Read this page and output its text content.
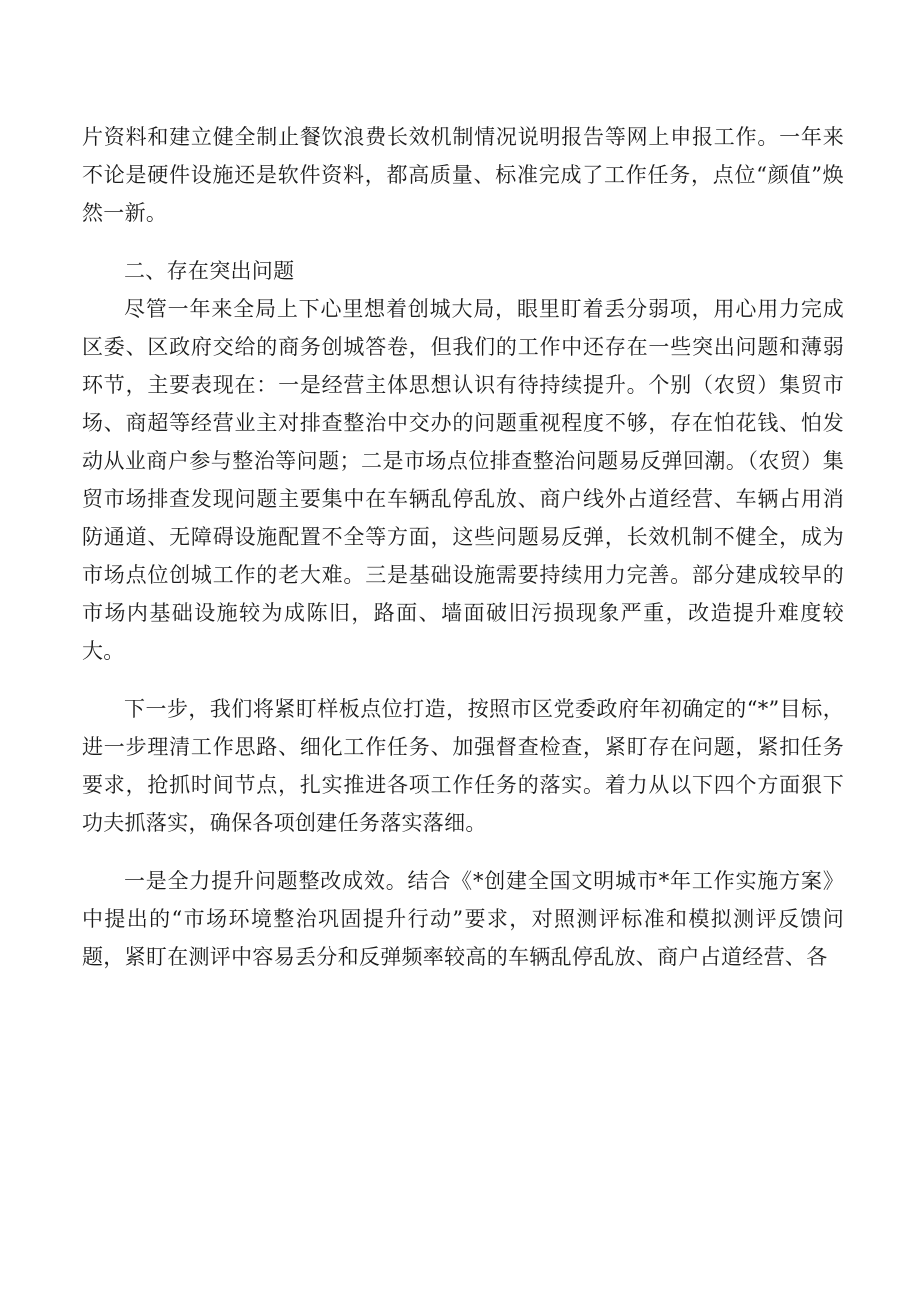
片资料和建立健全制止餐饮浪费长效机制情况说明报告等网上申报工作。一年来不论是硬件设施还是软件资料，都高质量、标准完成了工作任务，点位“颜值”焕然一新。

二、存在突出问题

尽管一年来全局上下心里想着创城大局，眼里盯着丢分弱项，用心用力完成区委、区政府交给的商务创城答卷，但我们的工作中还存在一些突出问题和薄弱环节，主要表现在：一是经营主体思想认识有待持续提升。个别（农贸）集贸市场、商超等经营业主对排查整治中交办的问题重视程度不够，存在怕花钱、怕发动从业商户参与整治等问题；二是市场点位排查整治问题易反弹回潮。（农贸）集贸市场排查发现问题主要集中在车辆乱停乱放、商户线外占道经营、车辆占用消防通道、无障碍设施配置不全等方面，这些问题易反弹，长效机制不健全，成为市场点位创城工作的老大难。三是基础设施需要持续用力完善。部分建成较早的市场内基础设施较为成陈旧，路面、墙面破旧污损现象严重，改造提升难度较大。

下一步，我们将紧盯样板点位打造，按照市区党委政府年初确定的“*”目标，进一步理清工作思路、细化工作任务、加强督查检查，紧盯存在问题，紧扣任务要求，抢抓时间节点，扎实推进各项工作任务的落实。着力从以下四个方面狠下功夫抓落实，确保各项创建任务落实落细。

一是全力提升问题整改成效。结合《*创建全国文明城市*年工作实施方案》中提出的“市场环境整治巩固提升行动”要求，对照测评标准和模拟测评反馈问题，紧盯在测评中容易丢分和反弹频率较高的车辆乱停乱放、商户占道经营、各
